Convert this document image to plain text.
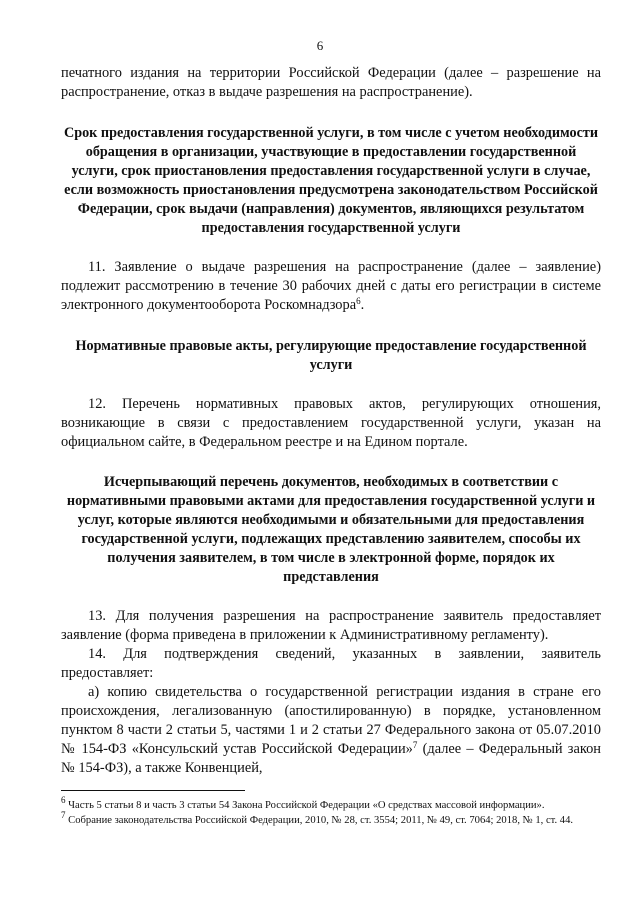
6

печатного издания на территории Российской Федерации (далее – разрешение на распространение, отказ в выдаче разрешения на распространение).

Срок предоставления государственной услуги, в том числе с учетом необходимости обращения в организации, участвующие в предоставлении государственной услуги, срок приостановления предоставления государственной услуги в случае, если возможность приостановления предусмотрена законодательством Российской Федерации, срок выдачи (направления) документов, являющихся результатом предоставления государственной услуги

11. Заявление о выдаче разрешения на распространение (далее – заявление) подлежит рассмотрению в течение 30 рабочих дней с даты его регистрации в системе электронного документооборота Роскомнадзора$^6$.

Нормативные правовые акты, регулирующие предоставление государственной услуги

12. Перечень нормативных правовых актов, регулирующих отношения, возникающие в связи с предоставлением государственной услуги, указан на официальном сайте, в Федеральном реестре и на Едином портале.

Исчерпывающий перечень документов, необходимых в соответствии с нормативными правовыми актами для предоставления государственной услуги и услуг, которые являются необходимыми и обязательными для предоставления государственной услуги, подлежащих представлению заявителем, способы их получения заявителем, в том числе в электронной форме, порядок их представления

13. Для получения разрешения на распространение заявитель предоставляет заявление (форма приведена в приложении к Административному регламенту).

14. Для подтверждения сведений, указанных в заявлении, заявитель предоставляет:

а) копию свидетельства о государственной регистрации издания в стране его происхождения, легализованную (апостилированную) в порядке, установленном пунктом 8 части 2 статьи 5, частями 1 и 2 статьи 27 Федерального закона от 05.07.2010 № 154-ФЗ «Консульский устав Российской Федерации»$^7$ (далее – Федеральный закон № 154-ФЗ), а также Конвенцией,

$^6$ Часть 5 статьи 8 и часть 3 статьи 54 Закона Российской Федерации «О средствах массовой информации».

$^7$ Собрание законодательства Российской Федерации, 2010, № 28, ст. 3554; 2011, № 49, ст. 7064; 2018, № 1, ст. 44.
